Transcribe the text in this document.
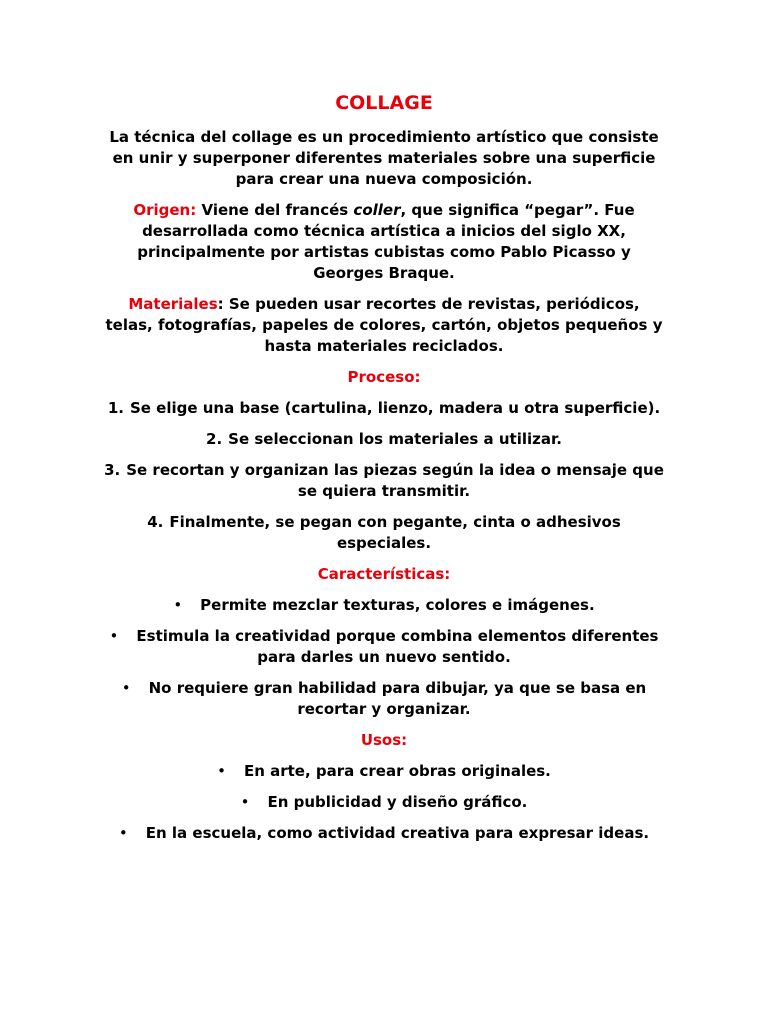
COLLAGE

La técnica del collage es un procedimiento artístico que consiste en unir y superponer diferentes materiales sobre una superficie para crear una nueva composición.

Origen: Viene del francés coller, que significa “pegar”. Fue desarrollada como técnica artística a inicios del siglo XX, principalmente por artistas cubistas como Pablo Picasso y Georges Braque.

Materiales: Se pueden usar recortes de revistas, periódicos, telas, fotografías, papeles de colores, cartón, objetos pequeños y hasta materiales reciclados.

Proceso:

1. Se elige una base (cartulina, lienzo, madera u otra superficie).

2. Se seleccionan los materiales a utilizar.

3. Se recortan y organizan las piezas según la idea o mensaje que se quiera transmitir.

4. Finalmente, se pegan con pegante, cinta o adhesivos especiales.

Características:

• Permite mezclar texturas, colores e imágenes.

• Estimula la creatividad porque combina elementos diferentes para darles un nuevo sentido.

• No requiere gran habilidad para dibujar, ya que se basa en recortar y organizar.

Usos:

• En arte, para crear obras originales.

• En publicidad y diseño gráfico.

• En la escuela, como actividad creativa para expresar ideas.
